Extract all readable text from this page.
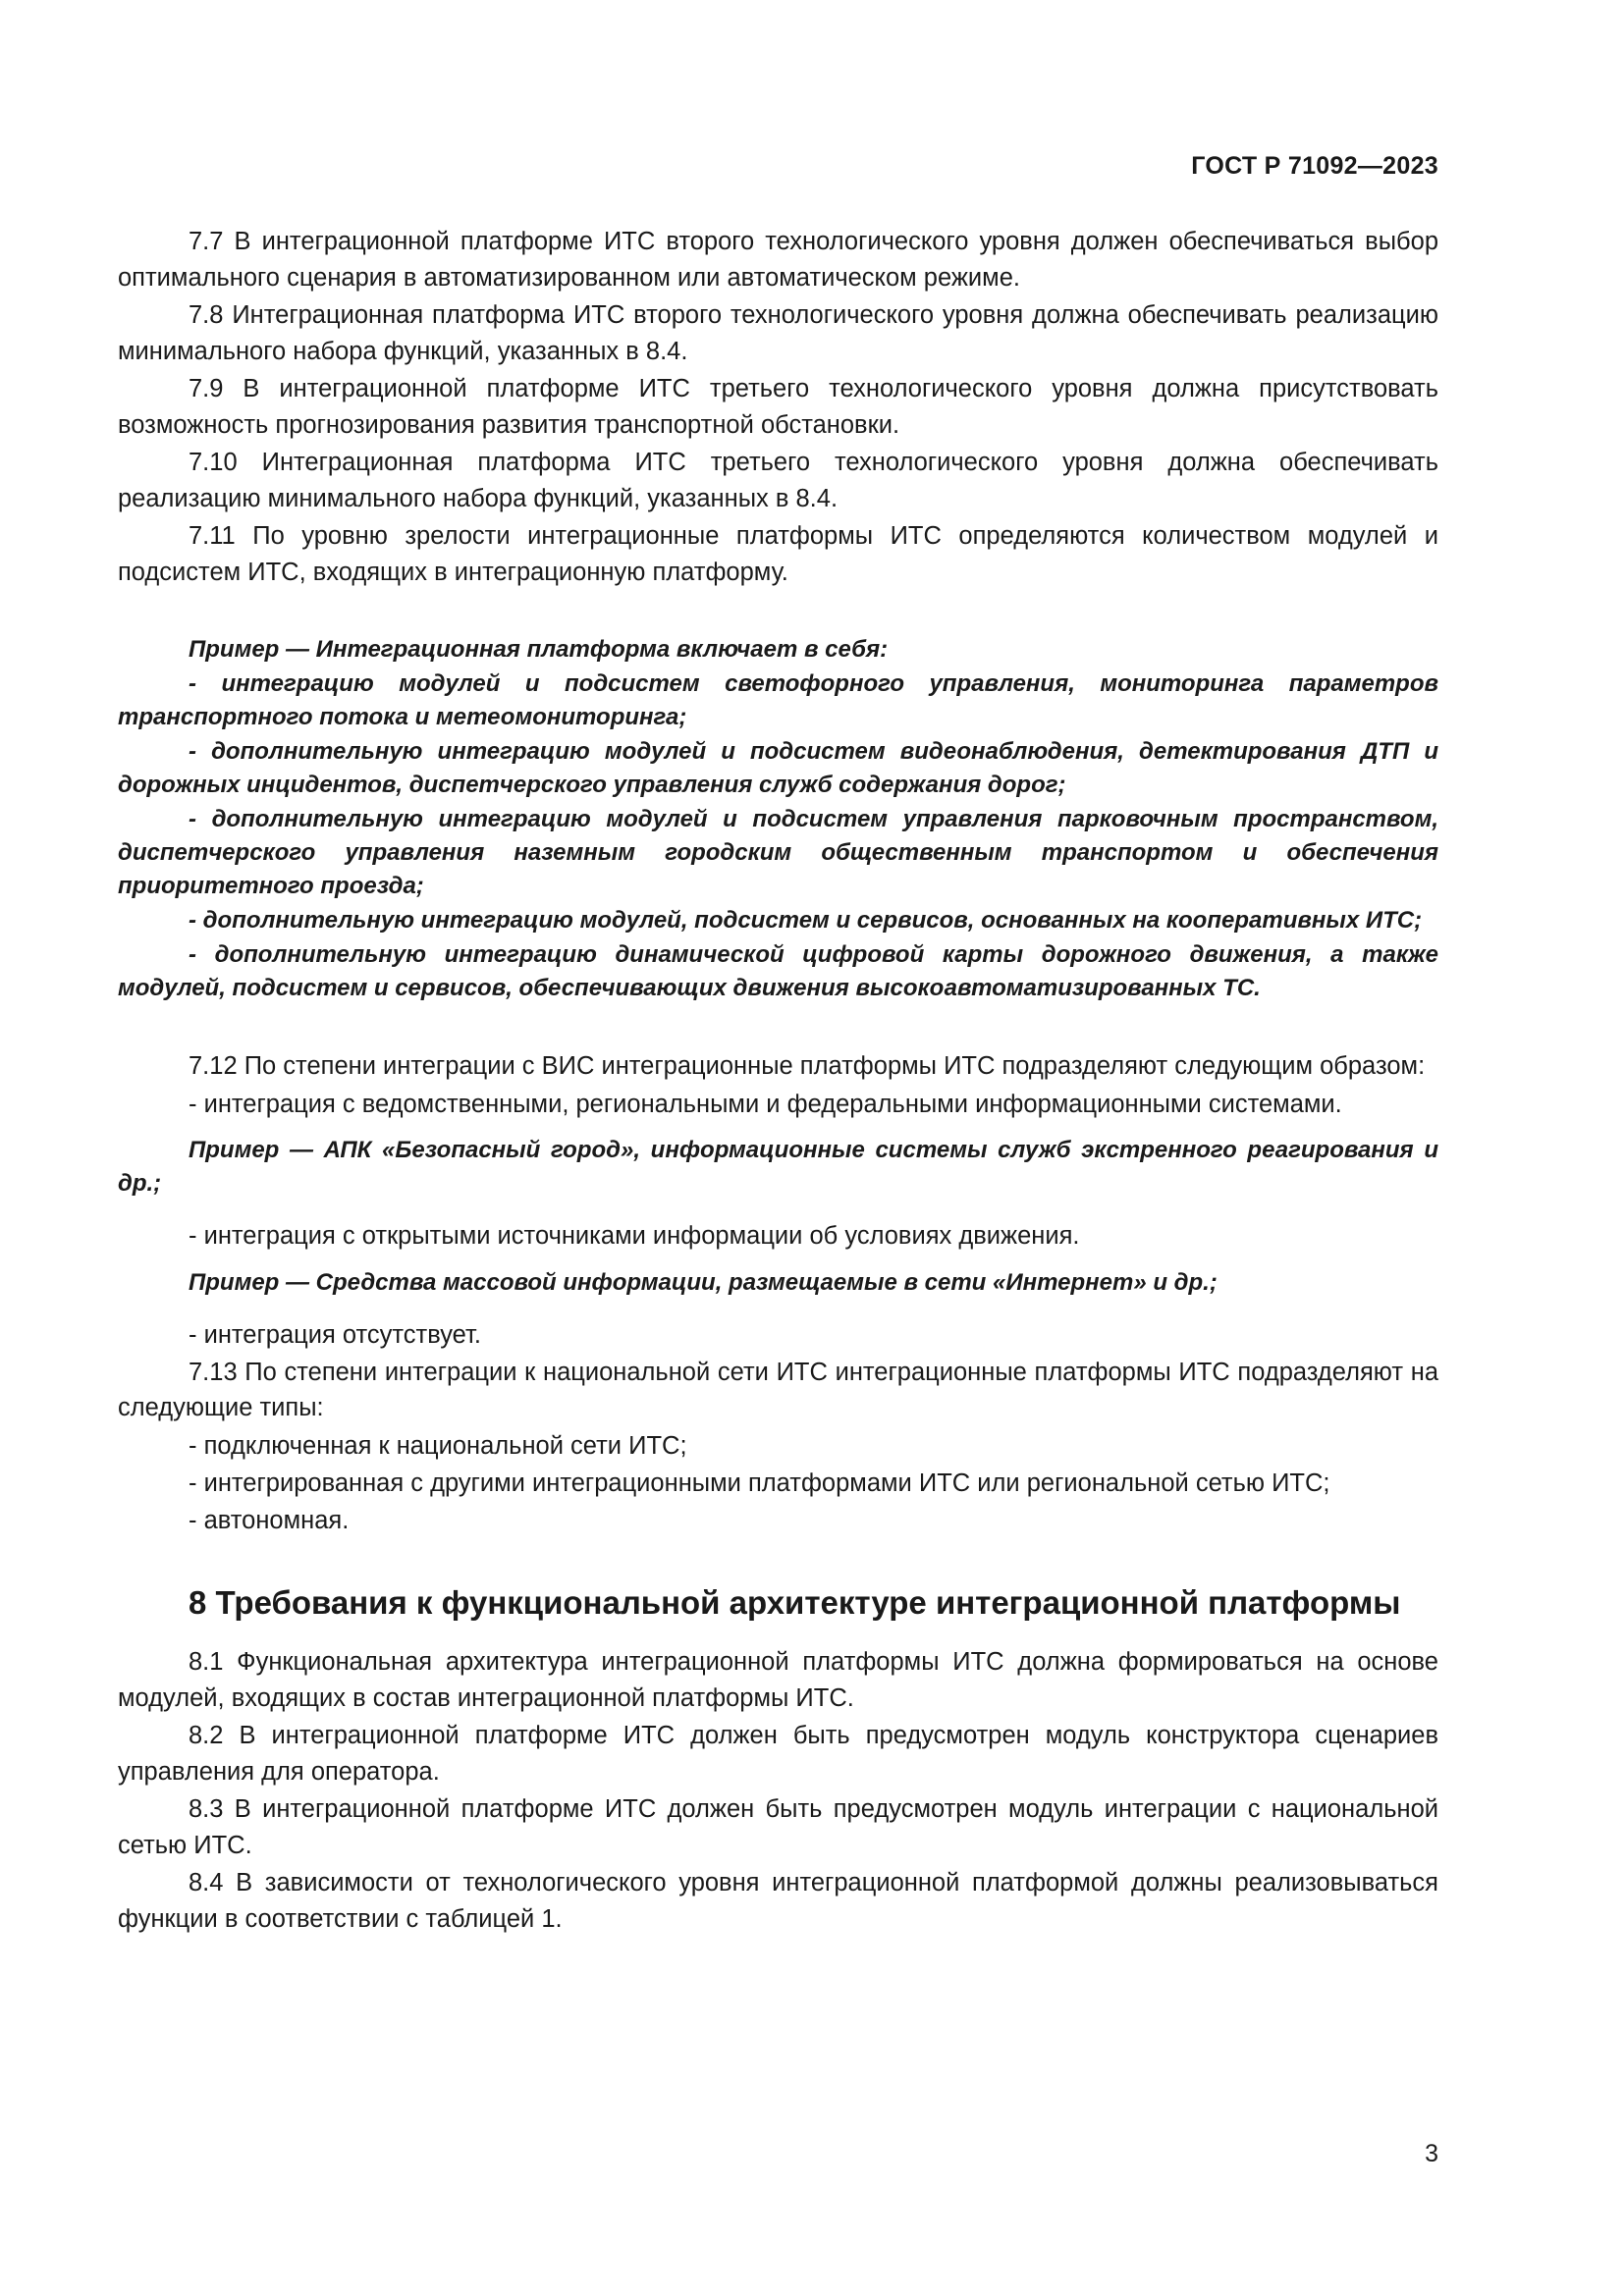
ГОСТ Р 71092—2023

7.7 В интеграционной платформе ИТС второго технологического уровня должен обеспечиваться выбор оптимального сценария в автоматизированном или автоматическом режиме.

7.8 Интеграционная платформа ИТС второго технологического уровня должна обеспечивать реализацию минимального набора функций, указанных в 8.4.

7.9 В интеграционной платформе ИТС третьего технологического уровня должна присутствовать возможность прогнозирования развития транспортной обстановки.

7.10 Интеграционная платформа ИТС третьего технологического уровня должна обеспечивать реализацию минимального набора функций, указанных в 8.4.

7.11 По уровню зрелости интеграционные платформы ИТС определяются количеством модулей и подсистем ИТС, входящих в интеграционную платформу.

Пример — Интеграционная платформа включает в себя:

- интеграцию модулей и подсистем светофорного управления, мониторинга параметров транспортного потока и метеомониторинга;

- дополнительную интеграцию модулей и подсистем видеонаблюдения, детектирования ДТП и дорожных инцидентов, диспетчерского управления служб содержания дорог;

- дополнительную интеграцию модулей и подсистем управления парковочным пространством, диспетчерского управления наземным городским общественным транспортом и обеспечения приоритетного проезда;

- дополнительную интеграцию модулей, подсистем и сервисов, основанных на кооперативных ИТС;

- дополнительную интеграцию динамической цифровой карты дорожного движения, а также модулей, подсистем и сервисов, обеспечивающих движения высокоавтоматизированных ТС.

7.12 По степени интеграции с ВИС интеграционные платформы ИТС подразделяют следующим образом:

- интеграция с ведомственными, региональными и федеральными информационными системами.

Пример — АПК «Безопасный город», информационные системы служб экстренного реагирования и др.;

- интеграция с открытыми источниками информации об условиях движения.

Пример — Средства массовой информации, размещаемые в сети «Интернет» и др.;

- интеграция отсутствует.

7.13 По степени интеграции к национальной сети ИТС интеграционные платформы ИТС подразделяют на следующие типы:

- подключенная к национальной сети ИТС;

- интегрированная с другими интеграционными платформами ИТС или региональной сетью ИТС;

- автономная.

8 Требования к функциональной архитектуре интеграционной платформы

8.1 Функциональная архитектура интеграционной платформы ИТС должна формироваться на основе модулей, входящих в состав интеграционной платформы ИТС.

8.2 В интеграционной платформе ИТС должен быть предусмотрен модуль конструктора сценариев управления для оператора.

8.3 В интеграционной платформе ИТС должен быть предусмотрен модуль интеграции с национальной сетью ИТС.

8.4 В зависимости от технологического уровня интеграционной платформой должны реализовываться функции в соответствии с таблицей 1.

3
